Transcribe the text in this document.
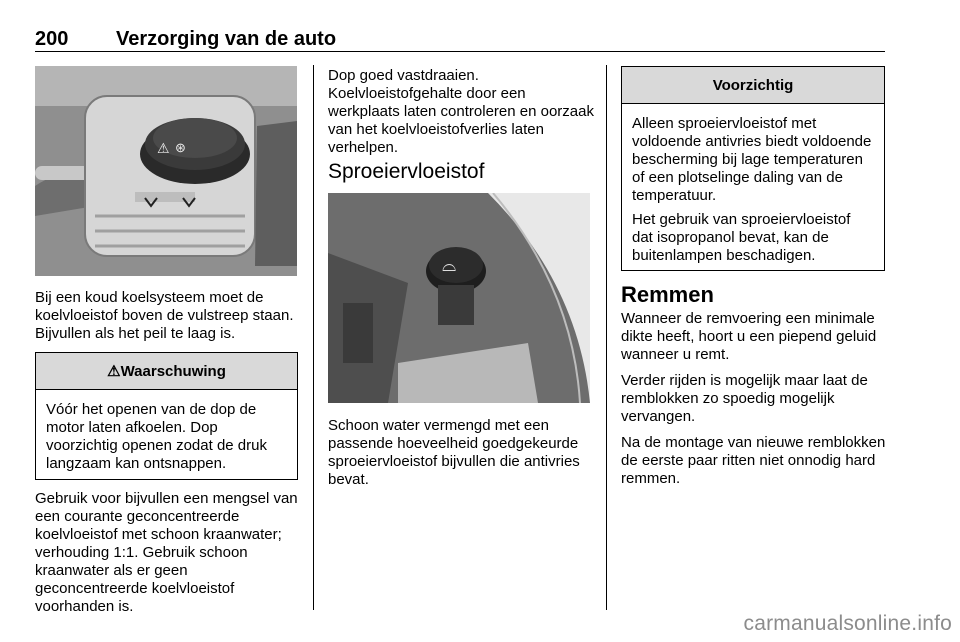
200 Verzorging van de auto
⚠ ⊛

Bij een koud koelsysteem moet de koelvloeistof boven de vulstreep staan. Bijvullen als het peil te laag is.

⚠ Waarschuwing

Vóór het openen van de dop de motor laten afkoelen. Dop voorzichtig openen zodat de druk langzaam kan ontsnappen.

Gebruik voor bijvullen een mengsel van een courante geconcentreerde koelvloeistof met schoon kraanwater; verhouding 1:1. Gebruik schoon kraanwater als er geen geconcentreerde koelvloeistof voorhanden is.

Dop goed vastdraaien. Koelvloeistofgehalte door een werkplaats laten controleren en oorzaak van het koelvloeistofverlies laten verhelpen.

Sproeiervloeistof
⌓

Schoon water vermengd met een passende hoeveelheid goedgekeurde sproeiervloeistof bijvullen die antivries bevat.

Voorzichtig

Alleen sproeiervloeistof met voldoende antivries biedt voldoende bescherming bij lage temperaturen of een plotselinge daling van de temperatuur.

Het gebruik van sproeiervloeistof dat isopropanol bevat, kan de buitenlampen beschadigen.

Remmen

Wanneer de remvoering een minimale dikte heeft, hoort u een piepend geluid wanneer u remt.

Verder rijden is mogelijk maar laat de remblokken zo spoedig mogelijk vervangen.

Na de montage van nieuwe remblokken de eerste paar ritten niet onnodig hard remmen.

carmanualsonline.info
